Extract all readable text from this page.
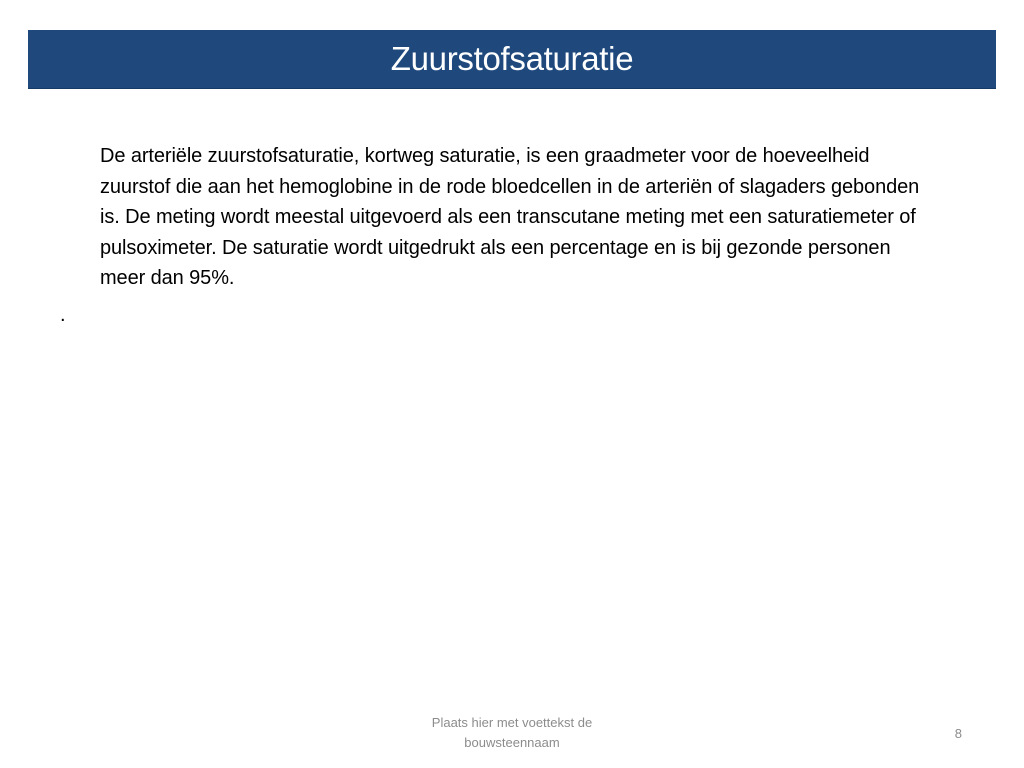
Zuurstofsaturatie
De arteriële zuurstofsaturatie, kortweg saturatie, is een graadmeter voor de hoeveelheid zuurstof die aan het hemoglobine in de rode bloedcellen in de arteriën of slagaders gebonden is. De meting wordt meestal uitgevoerd als een transcutane meting met een saturatiemeter of pulsoximeter. De saturatie wordt uitgedrukt als een percentage en is bij gezonde personen meer dan 95%.
.
Plaats hier met voettekst de bouwsteennaam
8
